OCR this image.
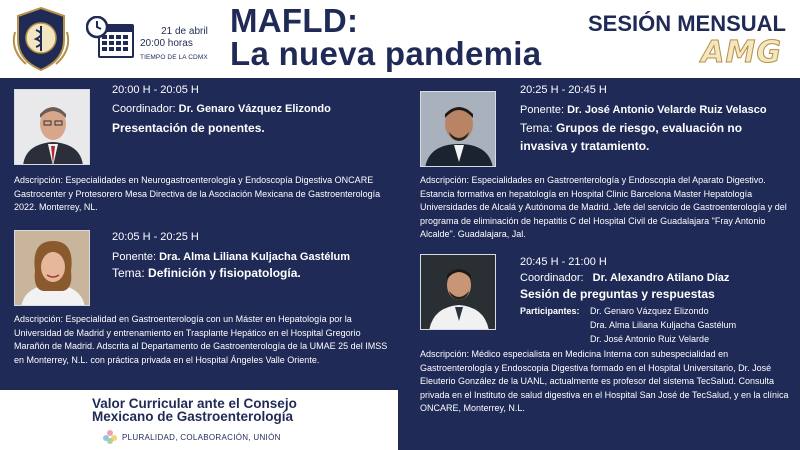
21 de abril
20:00 horas
TIEMPO DE LA CDMX
MAFLD:
La nueva pandemia
SESIÓN MENSUAL
AMG
20:00 H - 20:05 H
Coordinador: Dr. Genaro Vázquez Elizondo
Presentación de ponentes.
Adscripción: Especialidades en Neurogastroenterología y Endoscopía Digestiva ONCARE Gastrocenter y Protesorero Mesa Directiva de la Asociación Mexicana de Gastroenterología 2022. Monterrey, NL.
20:05 H - 20:25 H
Ponente: Dra. Alma Liliana Kuljacha Gastélum
Tema: Definición y fisiopatología.
Adscripción: Especialidad en Gastroenterología con un Máster en Hepatología por la Universidad de Madrid y entrenamiento en Trasplante Hepático en el Hospital Gregorio Marañón de Madrid. Adscrita al Departamento de Gastroenterología de la UMAE 25 del IMSS en Monterrey, N.L. con práctica privada en el Hospital Ángeles Valle Oriente.
20:25 H - 20:45 H
Ponente: Dr. José Antonio Velarde Ruiz Velasco
Tema: Grupos de riesgo, evaluación no
invasiva y tratamiento.
Adscripción: Especialidades en Gastroenterología y Endoscopia del Aparato Digestivo. Estancia formativa en hepatología en Hospital Clinic Barcelona Master Hepatología Universidades de Alcalá y Autónoma de Madrid. Jefe del servicio de Gastroenterología y del programa de eliminación de hepatitis C del Hospital Civil de Guadalajara "Fray Antonio Alcalde". Guadalajara, Jal.
20:45 H - 21:00 H
Coordinador: Dr. Alexandro Atilano Díaz
Sesión de preguntas y respuestas
Participantes: Dr. Genaro Vázquez Elizondo
Dra. Alma Liliana Kuljacha Gastélum
Dr. José Antonio Ruiz Velarde
Adscripción: Médico especialista en Medicina Interna con subespecialidad en Gastroenterología y Endoscopia Digestiva formado en el Hospital Universitario, Dr. José Eleuterio González de la UANL, actualmente es profesor del sistema TecSalud. Consulta privada en el Instituto de salud digestiva en el Hospital San José de TecSalud, y en la clínica ONCARE, Monterrey, N.L.
Valor Curricular ante el Consejo Mexicano de Gastroenterología
PLURALIDAD, COLABORACIÓN, UNIÓN
